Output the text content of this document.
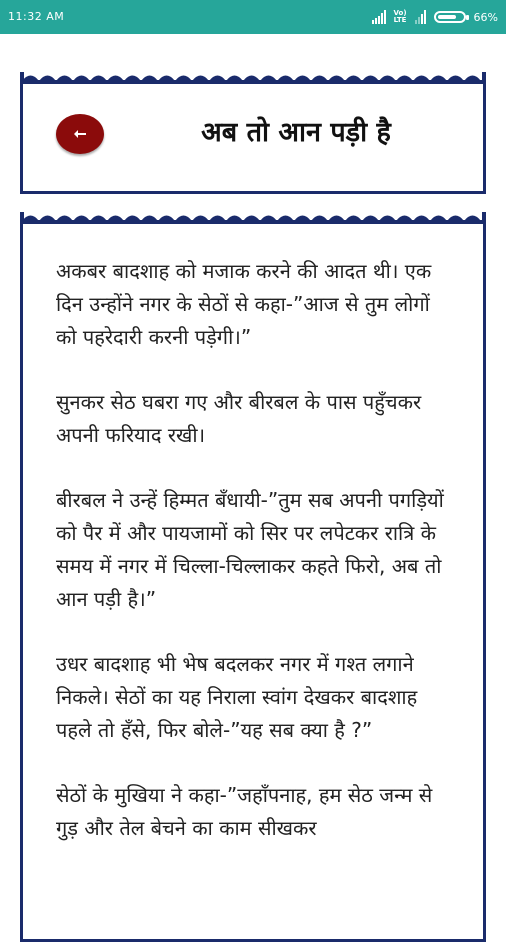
11:32 AM	Vo)
LTE	66%
अब तो आन पड़ी है

अकबर बादशाह को मजाक करने की आदत थी। एक दिन उन्होंने नगर के सेठों से कहा-”आज से तुम लोगों को पहरेदारी करनी पड़ेगी।”

सुनकर सेठ घबरा गए और बीरबल के पास पहुँचकर अपनी फरियाद रखी।

बीरबल ने उन्हें हिम्मत बँधायी-”तुम सब अपनी पगड़ियों को पैर में और पायजामों को सिर पर लपेटकर रात्रि के समय में नगर में चिल्ला-चिल्लाकर कहते फिरो, अब तो आन पड़ी है।”

उधर बादशाह भी भेष बदलकर नगर में गश्त लगाने निकले। सेठों का यह निराला स्वांग देखकर बादशाह पहले तो हँसे, फिर बोले-”यह सब क्या है ?”

सेठों के मुखिया ने कहा-”जहाँपनाह, हम सेठ जन्म से गुड़ और तेल बेचने का काम सीखकर
